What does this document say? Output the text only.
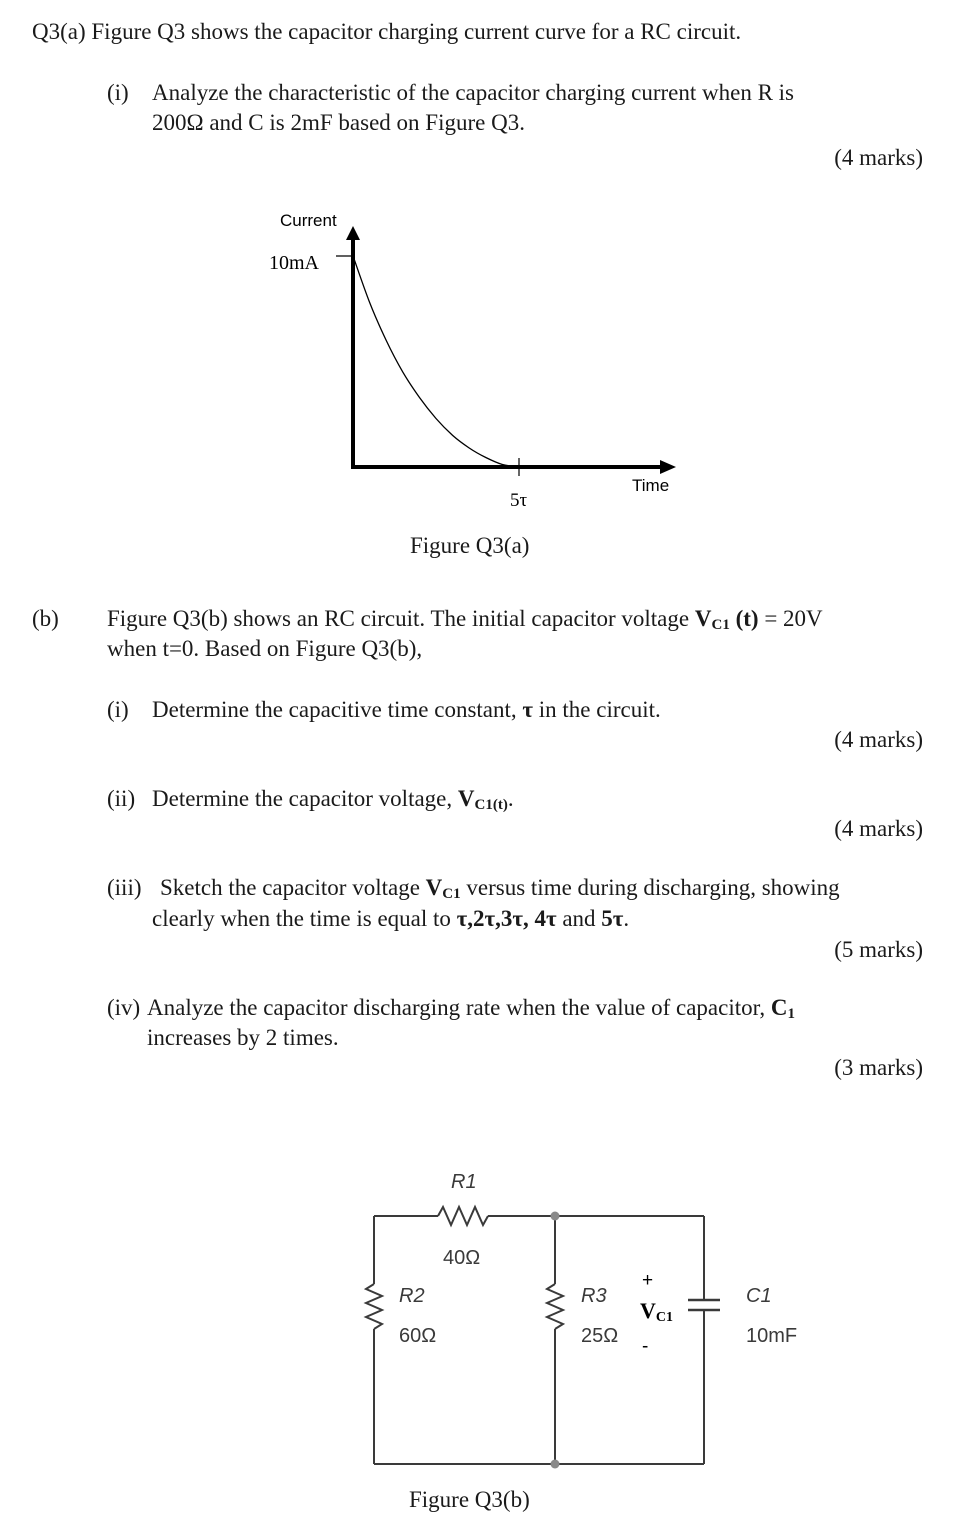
Q3(a) Figure Q3 shows the capacitor charging current curve for a RC circuit.
(i) Analyze the characteristic of the capacitor charging current when R is
200Ω and C is 2mF based on Figure Q3.
(4 marks)
Current
10mA
Time
5τ
Figure Q3(a)
(b) Figure Q3(b) shows an RC circuit. The initial capacitor voltage $V_{C1}$ (t) = 20V
when t=0. Based on Figure Q3(b),
(i) Determine the capacitive time constant, τ in the circuit.
(4 marks)
(ii) Determine the capacitor voltage, $V_{C1(t)}$.
(4 marks)
(iii) Sketch the capacitor voltage $V_{C1}$ versus time during discharging, showing
clearly when the time is equal to τ,2τ,3τ, 4τ and 5τ.
(5 marks)
(iv) Analyze the capacitor discharging rate when the value of capacitor, $C_1$
increases by 2 times.
(3 marks)
R1
40Ω
R2
60Ω
R3
25Ω
C1
10mF
+
-
VC1
Figure Q3(b)
